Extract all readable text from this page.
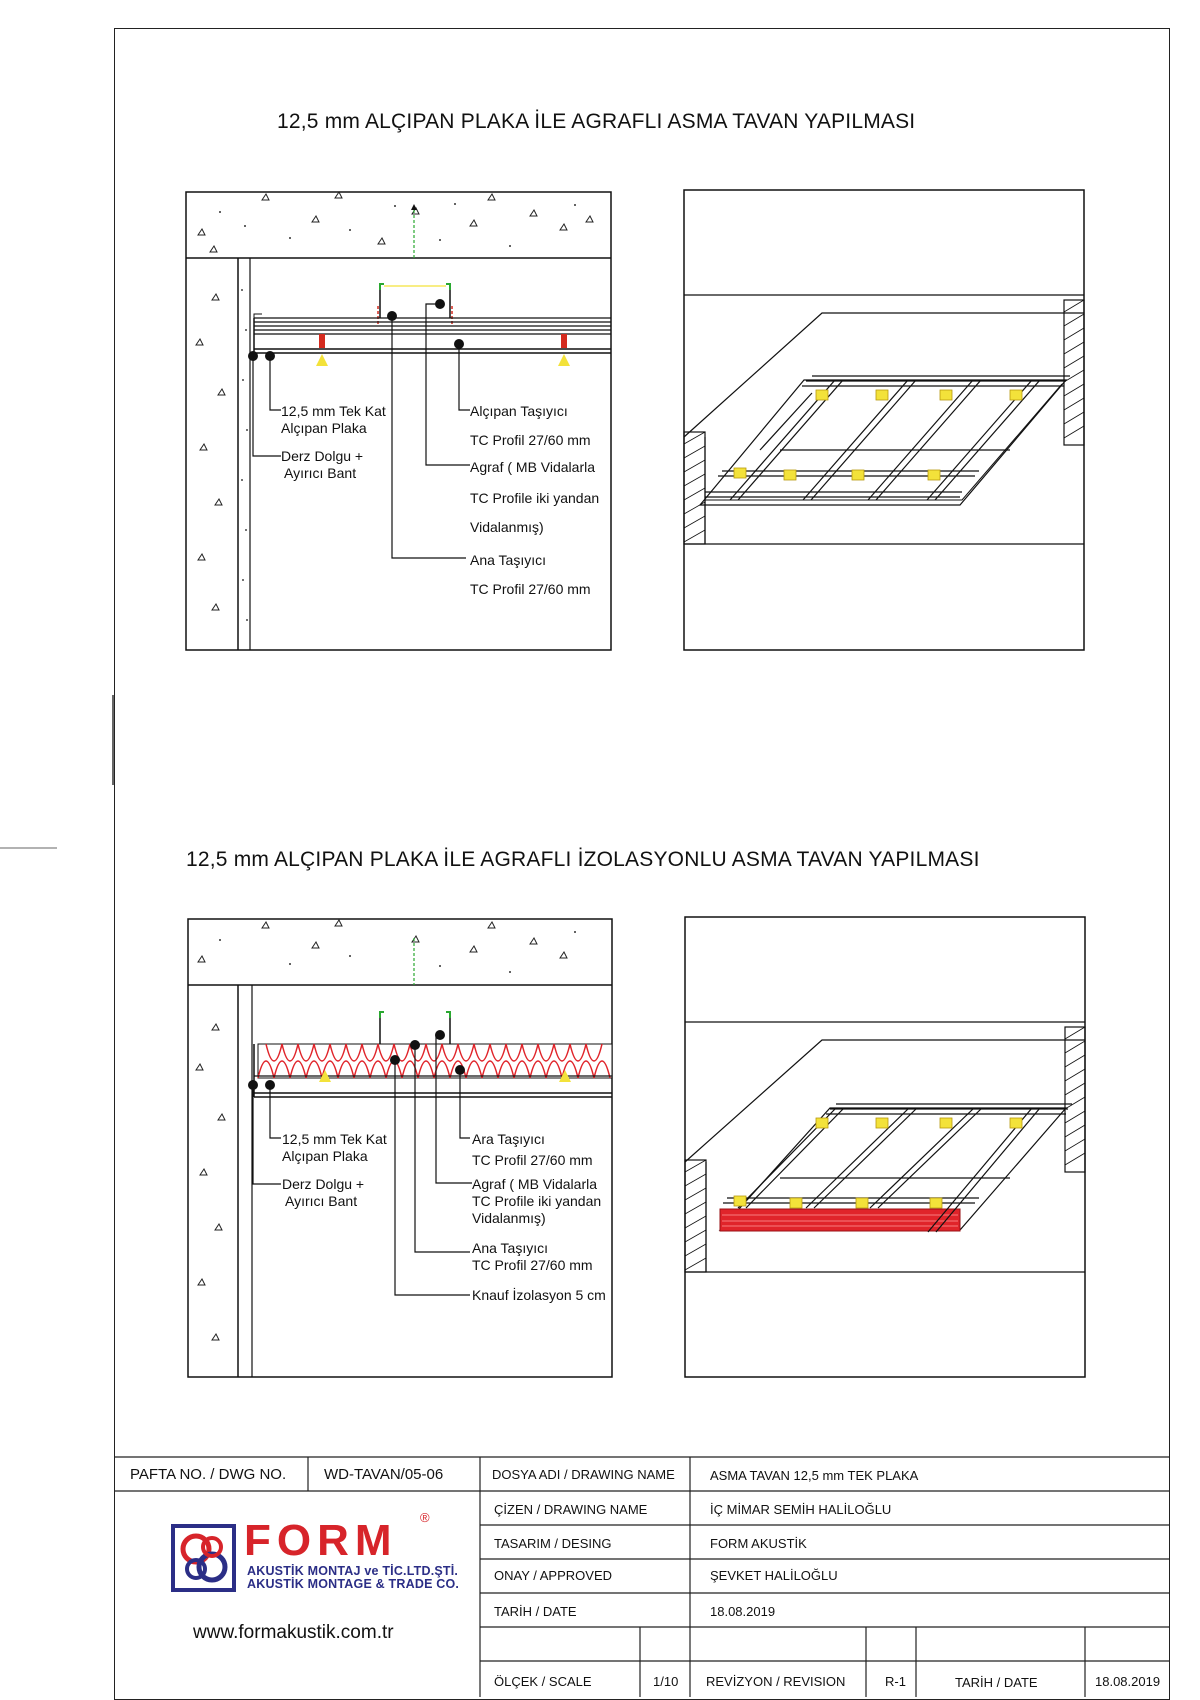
12,5 mm ALÇIPAN PLAKA İLE AGRAFLI ASMA TAVAN YAPILMASI
12,5 mm ALÇIPAN PLAKA İLE AGRAFLI İZOLASYONLU ASMA TAVAN YAPILMASI
12,5 mm Tek Kat
Alçıpan Plaka
Derz Dolgu +
Ayırıcı Bant
Alçıpan Taşıyıcı
TC Profil 27/60 mm
Agraf ( MB Vidalarla
TC Profile iki yandan
Vidalanmış)
Ana Taşıyıcı
TC Profil 27/60 mm
12,5 mm Tek Kat
Alçıpan Plaka
Derz Dolgu +
Ayırıcı Bant
Ara Taşıyıcı
TC Profil 27/60 mm
Agraf ( MB Vidalarla
TC Profile iki yandan
Vidalanmış)
Ana Taşıyıcı
TC Profil 27/60 mm
Knauf İzolasyon 5 cm
PAFTA NO. / DWG NO.	WD-TAVAN/05-06	DOSYA ADI / DRAWING NAME	ASMA TAVAN 12,5 mm TEK PLAKA
ÇİZEN / DRAWING NAME	İÇ MİMAR SEMİH HALİLOĞLU
TASARIM / DESING	FORM AKUSTİK
ONAY / APPROVED	ŞEVKET HALİLOĞLU
TARİH / DATE	18.08.2019
ÖLÇEK / SCALE	1/10 REVİZYON / REVISION	R-1	TARİH / DATE	18.08.2019
FORM ®
AKUSTİK MONTAJ ve TİC.LTD.ŞTİ.
AKUSTİK MONTAGE & TRADE CO.
www.formakustik.com.tr
